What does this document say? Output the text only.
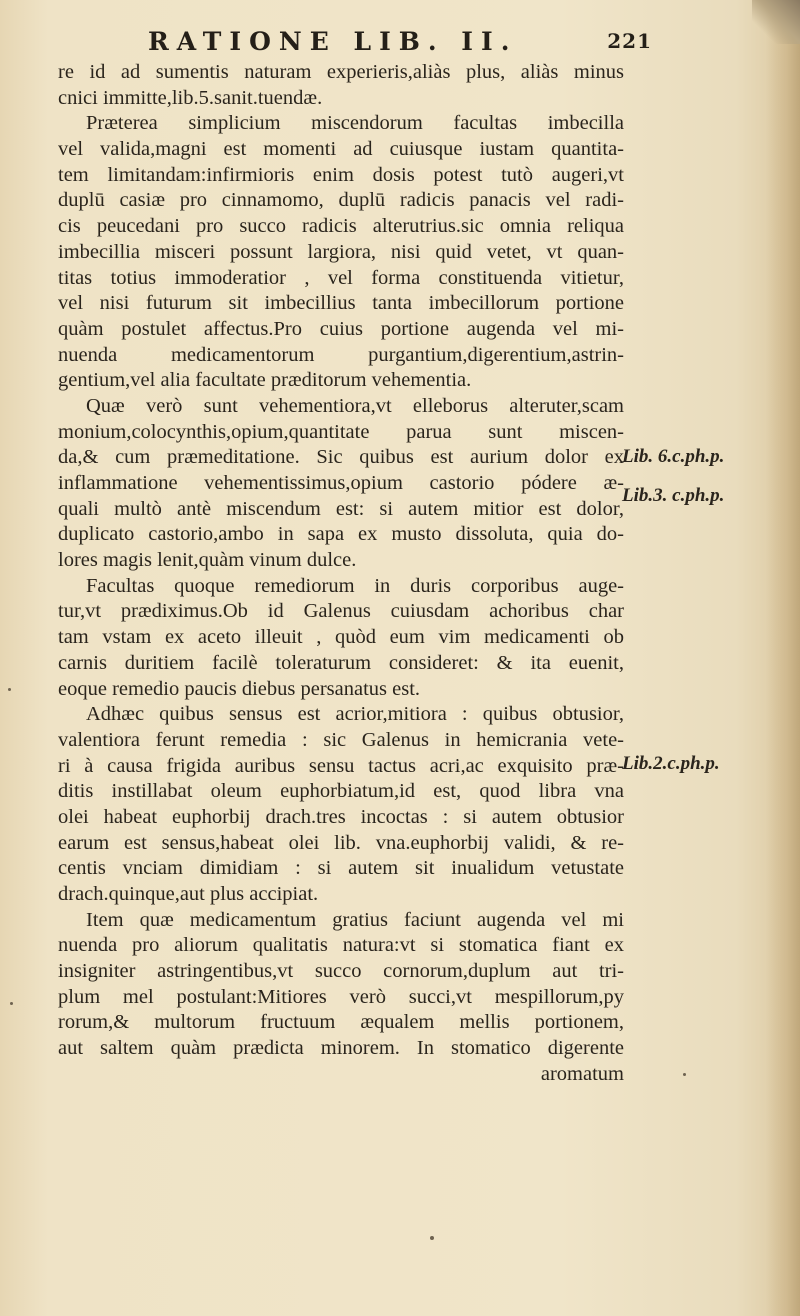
RATIONE LIB. II.	221
re id ad sumentis naturam experieris,aliàs plus, aliàs minus
cnici immitte,lib.5.sanit.tuendæ.
Præterea simplicium miscendorum facultas imbecilla
vel valida,magni est momenti ad cuiusque iustam quantita-
tem limitandam:infirmioris enim dosis potest tutò augeri,vt
duplū casiæ pro cinnamomo, duplū radicis panacis vel radi-
cis peucedani pro succo radicis alterutrius.sic omnia reliqua
imbecillia misceri possunt largiora, nisi quid vetet, vt quan-
titas totius immoderatior , vel forma constituenda vitietur,
vel nisi futurum sit imbecillius tanta imbecillorum portione
quàm postulet affectus.Pro cuius portione augenda vel mi-
nuenda medicamentorum purgantium,digerentium,astrin-
gentium,vel alia facultate præditorum vehementia.
Quæ verò sunt vehementiora,vt elleborus alteruter,scam
monium,colocynthis,opium,quantitate parua sunt miscen-
da,& cum præmeditatione. Sic quibus est aurium dolor ex
inflammatione vehementissimus,opium castorio pódere æ-
quali multò antè miscendum est: si autem mitior est dolor,
duplicato castorio,ambo in sapa ex musto dissoluta, quia do-
lores magis lenit,quàm vinum dulce.
Facultas quoque remediorum in duris corporibus auge-
tur,vt prædiximus.Ob id Galenus cuiusdam achoribus char
tam vstam ex aceto illeuit , quòd eum vim medicamenti ob
carnis duritiem facilè toleraturum consideret: & ita euenit,
eoque remedio paucis diebus persanatus est.
Adhæc quibus sensus est acrior,mitiora : quibus obtusior,
valentiora ferunt remedia : sic Galenus in hemicrania vete-
ri à causa frigida auribus sensu tactus acri,ac exquisito præ-
ditis instillabat oleum euphorbiatum,id est, quod libra vna
olei habeat euphorbij drach.tres incoctas : si autem obtusior
earum est sensus,habeat olei lib. vna.euphorbij validi, & re-
centis vnciam dimidiam : si autem sit inualidum vetustate
drach.quinque,aut plus accipiat.
Item quæ medicamentum gratius faciunt augenda vel mi
nuenda pro aliorum qualitatis natura:vt si stomatica fiant ex
insigniter astringentibus,vt succo cornorum,duplum aut tri-
plum mel postulant:Mitiores verò succi,vt mespillorum,py
rorum,& multorum fructuum æqualem mellis portionem,
aut saltem quàm prædicta minorem. In stomatico digerente
aromatum
Lib. 6.c.ph.p.
Lib.3. c.ph.p.
Lib.2.c.ph.p.
